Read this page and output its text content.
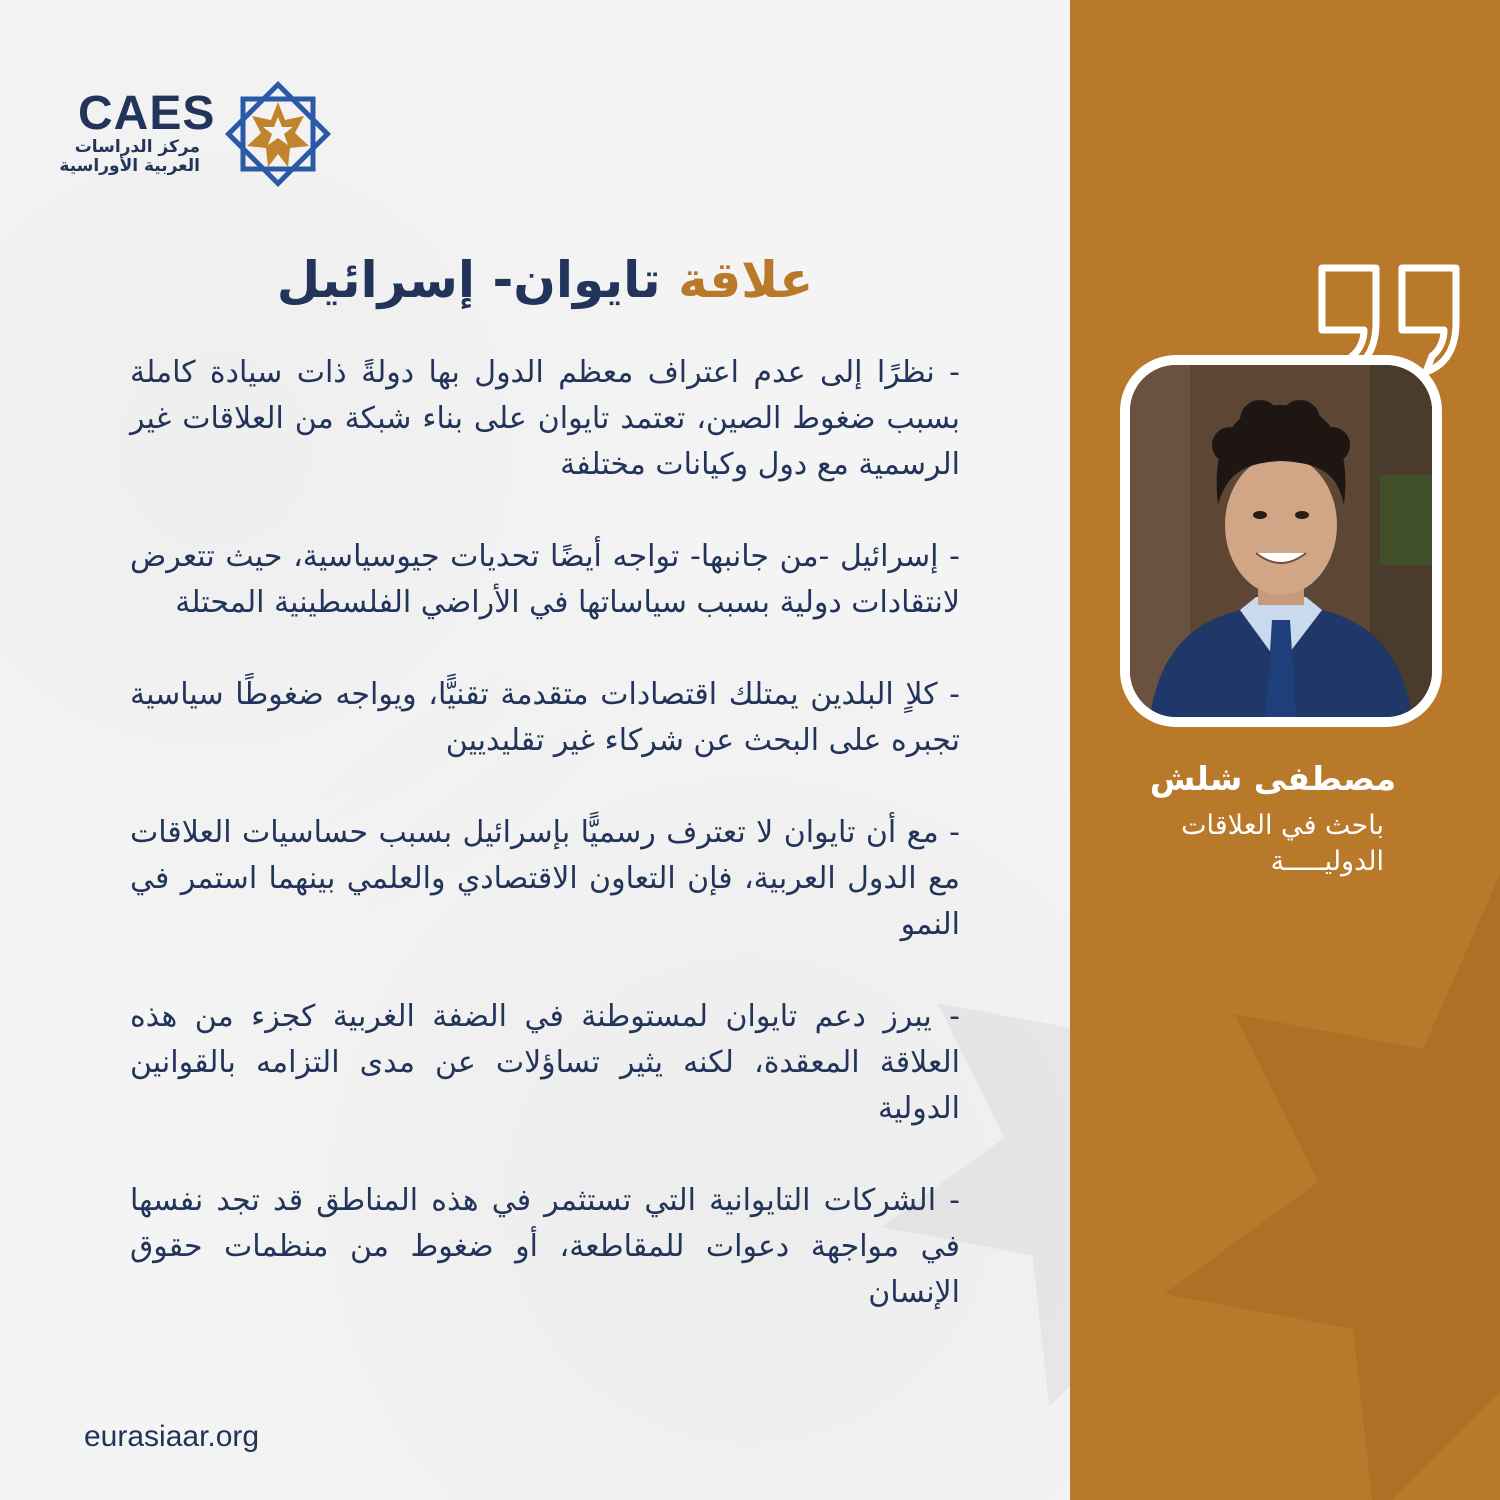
CAES
مركز الدراسات
العربية الأوراسية
علاقة تايوان- إسرائيل

- نظرًا إلى عدم اعتراف معظم الدول بها دولةً ذات سيادة كاملة بسبب ضغوط الصين، تعتمد تايوان على بناء شبكة من العلاقات غير الرسمية مع دول وكيانات مختلفة

- إسرائيل -من جانبها- تواجه أيضًا تحديات جيوسياسية، حيث تتعرض لانتقادات دولية بسبب سياساتها في الأراضي الفلسطينية المحتلة

- كلاٍ البلدين يمتلك اقتصادات متقدمة تقنيًّا، ويواجه ضغوطًا سياسية تجبره على البحث عن شركاء غير تقليديين

- مع أن تايوان لا تعترف رسميًّا بإسرائيل بسبب حساسيات العلاقات مع الدول العربية، فإن التعاون الاقتصادي والعلمي بينهما استمر في النمو

- يبرز دعم تايوان لمستوطنة في الضفة الغربية كجزء من هذه العلاقة المعقدة، لكنه يثير تساؤلات عن مدى التزامه بالقوانين الدولية

- الشركات التايوانية التي تستثمر في هذه المناطق قد تجد نفسها في مواجهة دعوات للمقاطعة، أو ضغوط من منظمات حقوق الإنسان

eurasiaar.org
مصطفى شلش
باحث في العلاقات
الدوليـــــة
